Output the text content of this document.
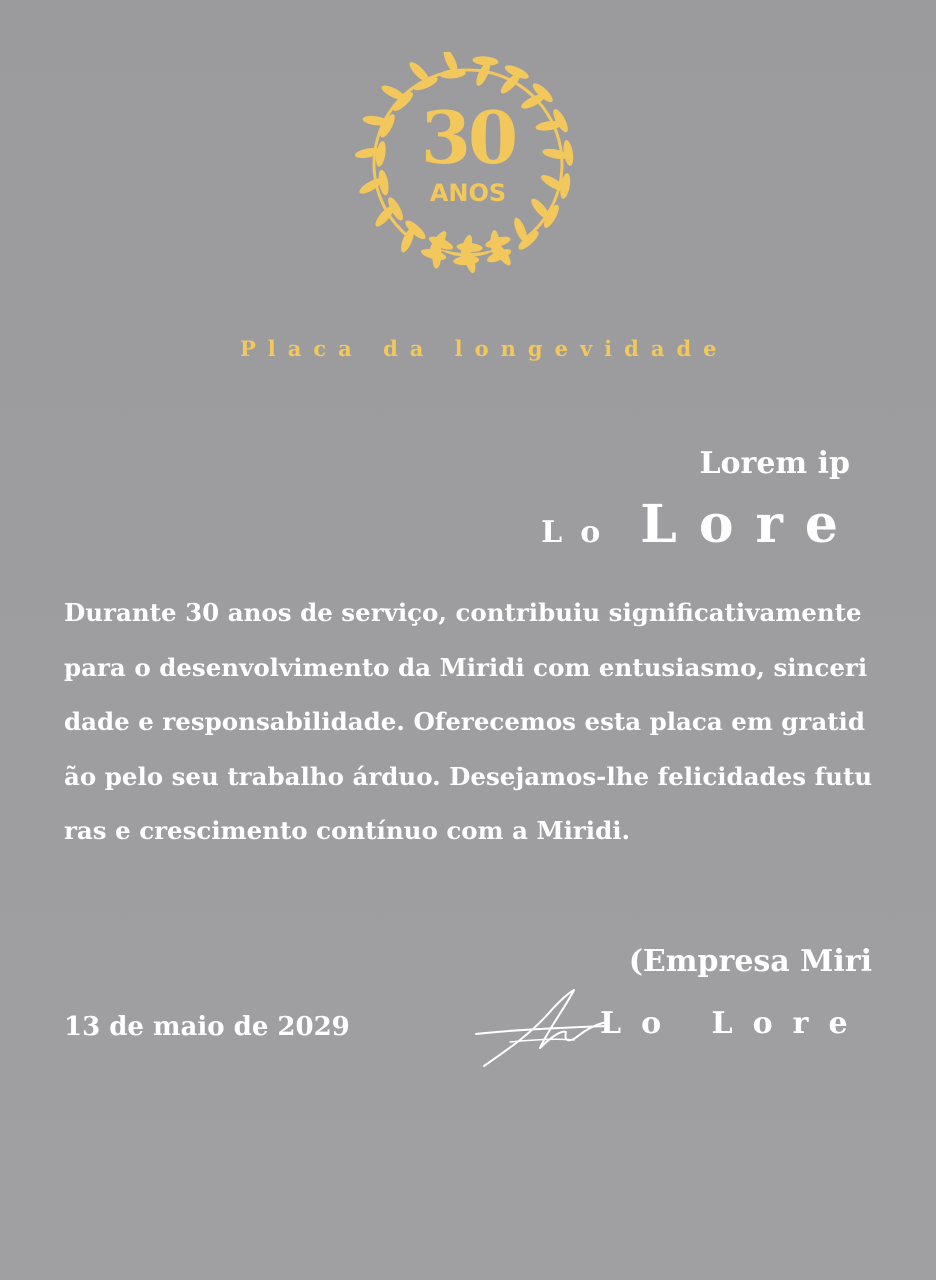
30
ANOS
Placa da longevidade
Lorem ip
Lo Lore
Durante 30 anos de serviço, contribuiu significativamente para o desenvolvimento da Miridi com entusiasmo, sinceridade e responsabilidade. Oferecemos esta placa em gratidão pelo seu trabalho árduo. Desejamos-lhe felicidades futuras e crescimento contínuo com a Miridi.
(Empresa Miri
13 de maio de 2029	Lo Lore
